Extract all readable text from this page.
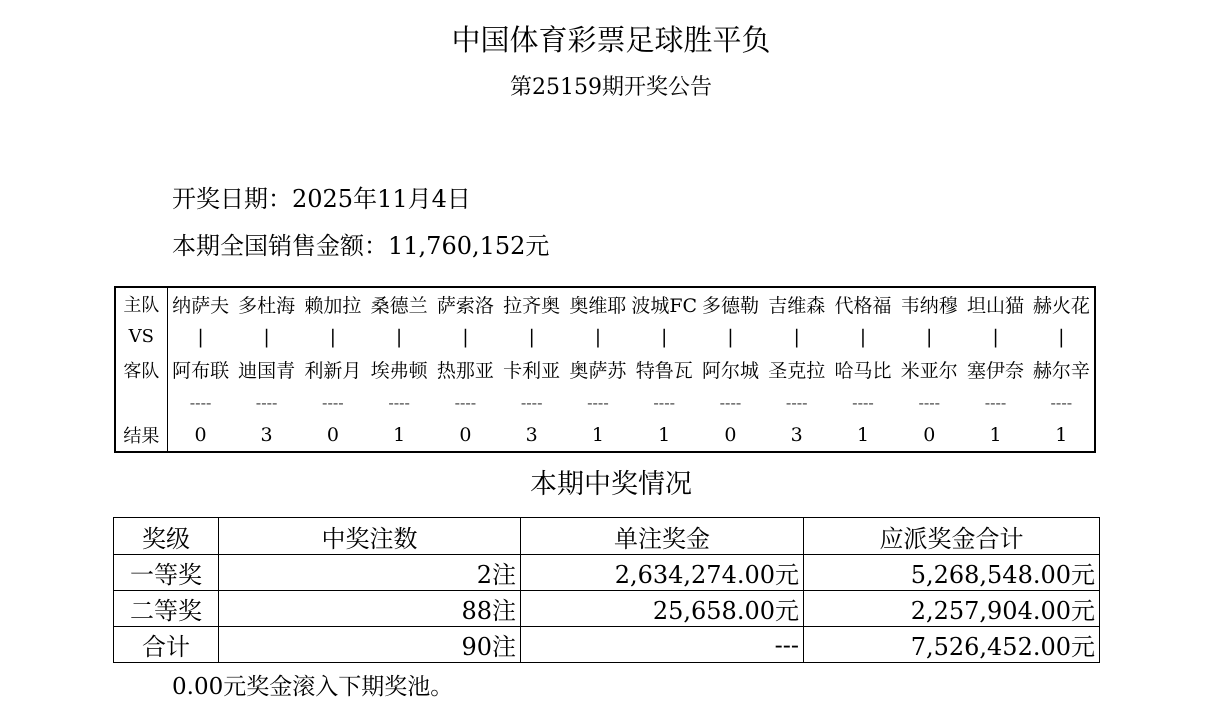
中国体育彩票足球胜平负
第25159期开奖公告
开奖日期：2025年11月4日
本期全国销售金额：11,760,152元
主队	纳萨夫	多杜海	赖加拉	桑德兰	萨索洛	拉齐奥	奥维耶	波城FC	多德勒	吉维森	代格福	韦纳穆	坦山猫	赫火花
VS	|	|	|	|	|	|	|	|	|	|	|	|	|	|
客队	阿布联	迪国青	利新月	埃弗顿	热那亚	卡利亚	奥萨苏	特鲁瓦	阿尔城	圣克拉	哈马比	米亚尔	塞伊奈	赫尔辛
	----	----	----	----	----	----	----	----	----	----	----	----	----	----
结果	0	3	0	1	0	3	1	1	0	3	1	0	1	1
本期中奖情况
奖级	中奖注数	单注奖金	应派奖金合计
一等奖	2注	2,634,274.00元	5,268,548.00元
二等奖	88注	25,658.00元	2,257,904.00元
合计	90注	---	7,526,452.00元
0.00元奖金滚入下期奖池。
